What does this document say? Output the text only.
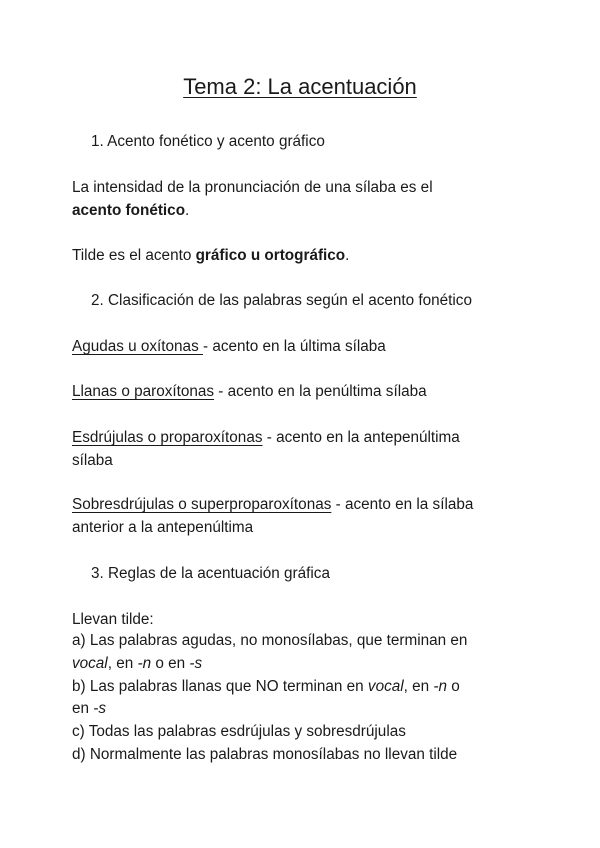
Tema 2: La acentuación
1. Acento fonético y acento gráfico
La intensidad de la pronunciación de una sílaba es el
acento fonético.
Tilde es el acento gráfico u ortográfico.
2. Clasificación de las palabras según el acento fonético
Agudas u oxítonas - acento en la última sílaba
Llanas o paroxítonas - acento en la penúltima sílaba
Esdrújulas o proparoxítonas - acento en la antepenúltima
sílaba
Sobresdrújulas o superproparoxítonas - acento en la sílaba
anterior a la antepenúltima
3. Reglas de la acentuación gráfica
Llevan tilde:
a) Las palabras agudas, no monosílabas, que terminan en
vocal, en -n o en -s
b) Las palabras llanas que NO terminan en vocal, en -n o
en -s
c) Todas las palabras esdrújulas y sobresdrújulas
d) Normalmente las palabras monosílabas no llevan tilde
